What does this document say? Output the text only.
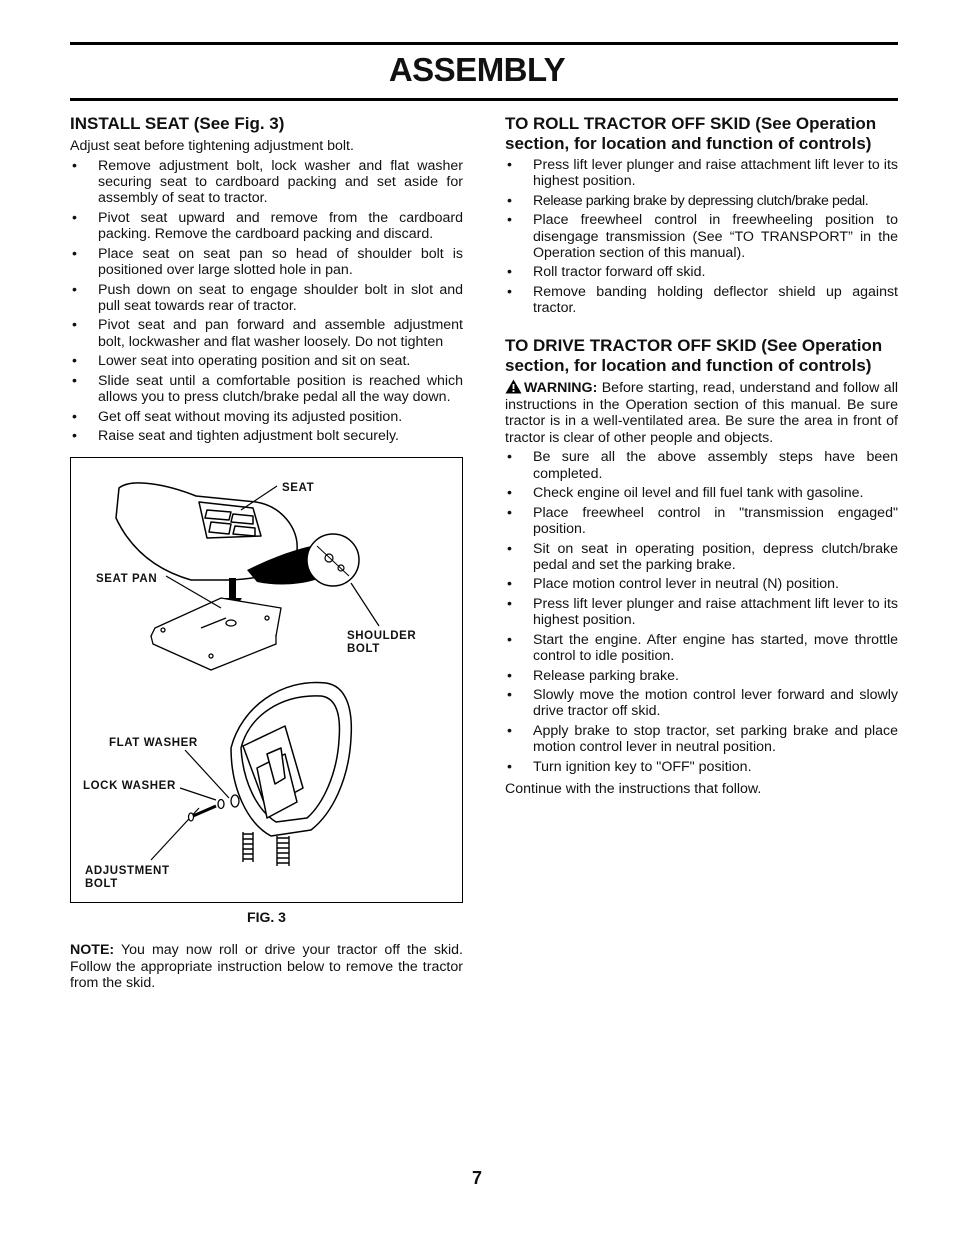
ASSEMBLY
INSTALL SEAT (See Fig. 3)

Adjust seat before tightening adjustment bolt.

• Remove adjustment bolt, lock washer and flat washer securing seat to cardboard packing and set aside for assembly of seat to tractor.
• Pivot seat upward and remove from the cardboard packing. Remove the cardboard packing and discard.
• Place seat on seat pan so head of shoulder bolt is positioned over large slotted hole in pan.
• Push down on seat to engage shoulder bolt in slot and pull seat towards rear of tractor.
• Pivot seat and pan forward and assemble adjustment bolt, lockwasher and flat washer loosely. Do not tighten
• Lower seat into operating position and sit on seat.
• Slide seat until a comfortable position is reached which allows you to press clutch/brake pedal all the way down.
• Get off seat without moving its adjusted position.
• Raise seat and tighten adjustment bolt securely.
SEAT
SEAT PAN
SHOULDER
BOLT
FLAT WASHER
LOCK WASHER
ADJUSTMENT
BOLT
FIG. 3

NOTE: You may now roll or drive your tractor off the skid. Follow the appropriate instruction below to remove the tractor from the skid.

TO ROLL TRACTOR OFF SKID (See Operation section, for location and function of controls)
• Press lift lever plunger and raise attachment lift lever to its highest position.
• Release parking brake by depressing clutch/brake pedal.
• Place freewheel control in freewheeling position to disengage transmission (See “TO TRANSPORT” in the Operation section of this manual).
• Roll tractor forward off skid.
• Remove banding holding deflector shield up against tractor.
TO DRIVE TRACTOR OFF SKID (See Operation section, for location and function of controls)

WARNING: Before starting, read, understand and follow all instructions in the Operation section of this manual. Be sure tractor is in a well-ventilated area. Be sure the area in front of tractor is clear of other people and objects.

• Be sure all the above assembly steps have been completed.
• Check engine oil level and fill fuel tank with gasoline.
• Place freewheel control in "transmission engaged" position.
• Sit on seat in operating position, depress clutch/brake pedal and set the parking brake.
• Place motion control lever in neutral (N) position.
• Press lift lever plunger and raise attachment lift lever to its highest position.
• Start the engine. After engine has started, move throttle control to idle position.
• Release parking brake.
• Slowly move the motion control lever forward and slowly drive tractor off skid.
• Apply brake to stop tractor, set parking brake and place motion control lever in neutral position.
• Turn ignition key to "OFF" position.

Continue with the instructions that follow.

7
